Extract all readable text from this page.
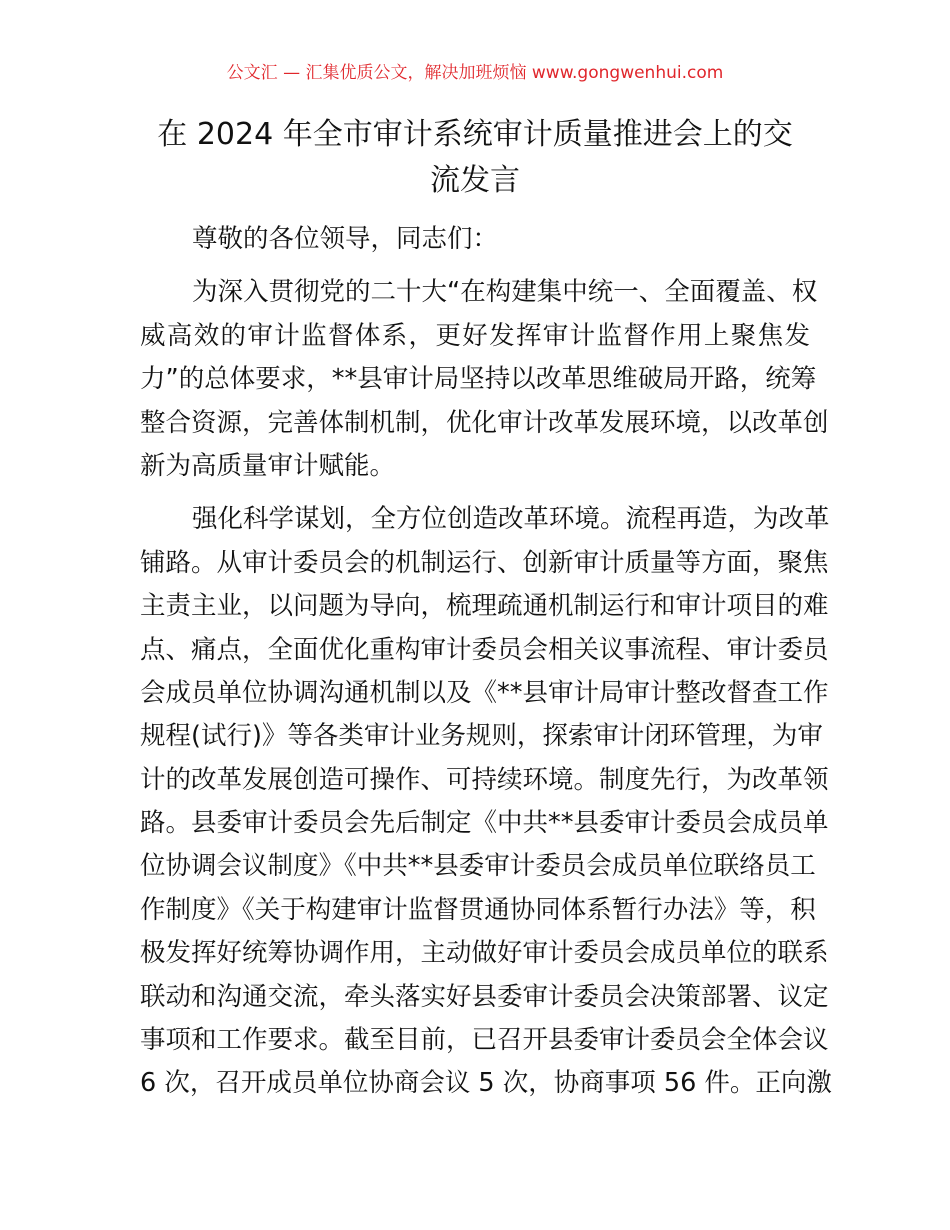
公文汇 — 汇集优质公文，解决加班烦恼 www.gongwenhui.com
在 2024 年全市审计系统审计质量推进会上的交
流发言
尊敬的各位领导，同志们：
为深入贯彻党的二十大“在构建集中统一、全面覆盖、权
威高效的审计监督体系，更好发挥审计监督作用上聚焦发
力”的总体要求，**县审计局坚持以改革思维破局开路，统筹
整合资源，完善体制机制，优化审计改革发展环境，以改革创
新为高质量审计赋能。
强化科学谋划，全方位创造改革环境。流程再造，为改革
铺路。从审计委员会的机制运行、创新审计质量等方面，聚焦
主责主业，以问题为导向，梳理疏通机制运行和审计项目的难
点、痛点，全面优化重构审计委员会相关议事流程、审计委员
会成员单位协调沟通机制以及《**县审计局审计整改督查工作
规程(试行)》等各类审计业务规则，探索审计闭环管理，为审
计的改革发展创造可操作、可持续环境。制度先行，为改革领
路。县委审计委员会先后制定《中共**县委审计委员会成员单
位协调会议制度》《中共**县委审计委员会成员单位联络员工
作制度》《关于构建审计监督贯通协同体系暂行办法》等，积
极发挥好统筹协调作用，主动做好审计委员会成员单位的联系
联动和沟通交流，牵头落实好县委审计委员会决策部署、议定
事项和工作要求。截至目前，已召开县委审计委员会全体会议
6 次，召开成员单位协商会议 5 次，协商事项 56 件。正向激
